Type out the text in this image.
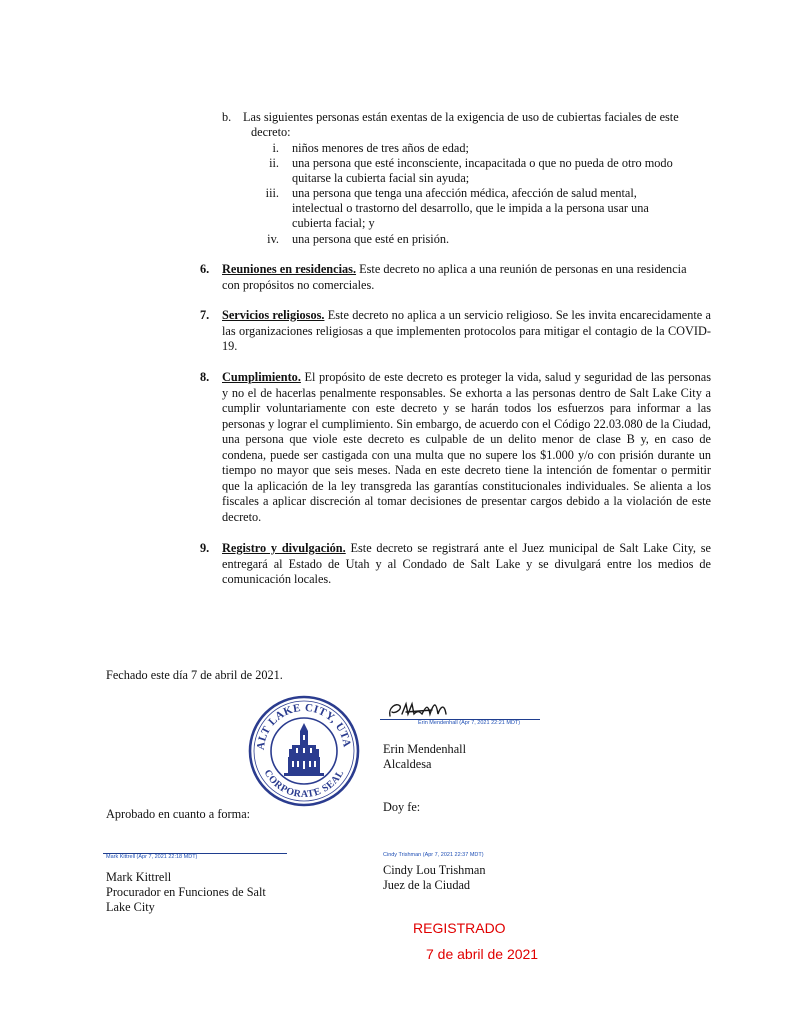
b. Las siguientes personas están exentas de la exigencia de uso de cubiertas faciales de este
decreto:
i. niños menores de tres años de edad;
ii. una persona que esté inconsciente, incapacitada o que no pueda de otro modo
quitarse la cubierta facial sin ayuda;
iii. una persona que tenga una afección médica, afección de salud mental,
intelectual o trastorno del desarrollo, que le impida a la persona usar una
cubierta facial; y
iv. una persona que esté en prisión.
6. Reuniones en residencias. Este decreto no aplica a una reunión de personas en una residencia
con propósitos no comerciales.
7. Servicios religiosos. Este decreto no aplica a un servicio religioso. Se les invita encarecidamente a las organizaciones religiosas a que implementen protocolos para mitigar el contagio de la COVID-19.
8. Cumplimiento. El propósito de este decreto es proteger la vida, salud y seguridad de las personas y no el de hacerlas penalmente responsables. Se exhorta a las personas dentro de Salt Lake City a cumplir voluntariamente con este decreto y se harán todos los esfuerzos para informar a las personas y lograr el cumplimiento. Sin embargo, de acuerdo con el Código 22.03.080 de la Ciudad, una persona que viole este decreto es culpable de un delito menor de clase B y, en caso de condena, puede ser castigada con una multa que no supere los $1.000 y/o con prisión durante un tiempo no mayor que seis meses. Nada en este decreto tiene la intención de fomentar o permitir que la aplicación de la ley transgreda las garantías constitucionales individuales. Se alienta a los fiscales a aplicar discreción al tomar decisiones de presentar cargos debido a la violación de este decreto.
9. Registro y divulgación. Este decreto se registrará ante el Juez municipal de Salt Lake City, se entregará al Estado de Utah y al Condado de Salt Lake y se divulgará entre los medios de comunicación locales.
Fechado este día 7 de abril de 2021.
ALT LAKE CITY, UTA
CORPORATE SEAL
Erin Mendenhall (Apr 7, 2021 22:21 MDT)
Erin Mendenhall
Alcaldesa
Aprobado en cuanto a forma:	Doy fe:
Mark Kittrell (Apr 7, 2021 22:18 MDT)
Mark Kittrell
Procurador en Funciones de Salt
Lake City
Cindy Trishman (Apr 7, 2021 22:37 MDT)
Cindy Lou Trishman
Juez de la Ciudad
REGISTRADO
7 de abril de 2021
